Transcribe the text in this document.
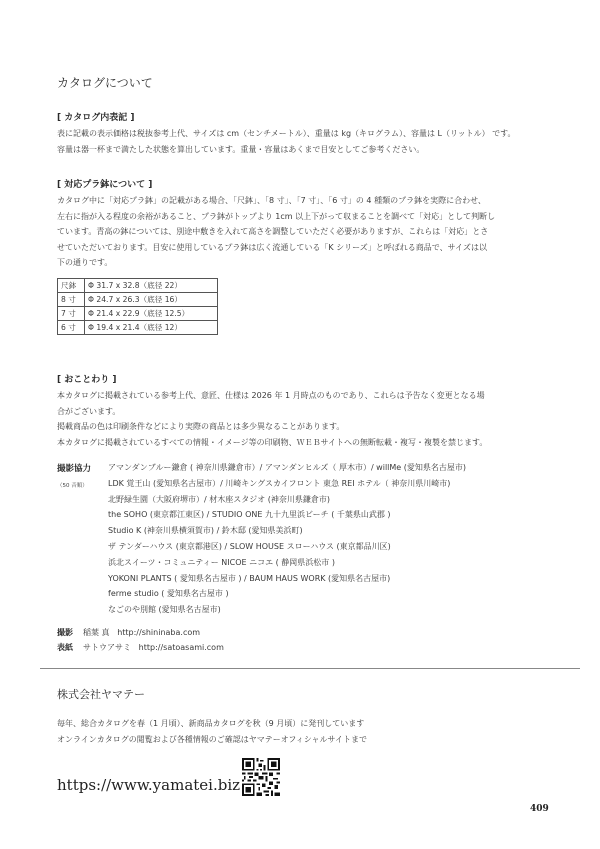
カタログについて
[ カタログ内表記 ]

表に記載の表示価格は税抜参考上代、サイズは cm（センチメートル）、重量は kg（キログラム）、容量は L（リットル） です。

容量は器一杯まで満たした状態を算出しています。重量・容量はあくまで目安としてご参考ください。

[ 対応プラ鉢について ]

カタログ中に「対応プラ鉢」の記載がある場合、「尺鉢」、「8 寸」、「7 寸」、「6 寸」の 4 種類のプラ鉢を実際に合わせ、

左右に指が入る程度の余裕があること、プラ鉢がトップより 1cm 以上下がって収まることを調べて「対応」として判断し

ています。青高の鉢については、別途中敷きを入れて高さを調整していただく必要がありますが、これらは「対応」とさ

せていただいております。目安に使用しているプラ鉢は広く流通している「K シリーズ」と呼ばれる商品で、サイズは以

下の通りです。

尺鉢	Φ 31.7 x 32.8（底径 22）
8 寸	Φ 24.7 x 26.3（底径 16）
7 寸	Φ 21.4 x 22.9（底径 12.5）
6 寸	Φ 19.4 x 21.4（底径 12）
[ おことわり ]

本カタログに掲載されている参考上代、意匠、仕様は 2026 年 1 月時点のものであり、これらは予告なく変更となる場

合がございます。

掲載商品の色は印刷条件などにより実際の商品とは多少異なることがあります。

本カタログに掲載されているすべての情報・イメージ等の印刷物、ＷＥＢサイトへの無断転載・複写・複製を禁じます。

撮影協力
（50 音順）
アマンダンブルー鎌倉 ( 神奈川県鎌倉市）/ アマンダンヒルズ（ 厚木市）/ willMe (愛知県名古屋市)
LDK 覚王山 (愛知県名古屋市）/ 川崎キングスカイフロント 東急 REI ホテル（ 神奈川県川崎市)
北野緑生園（大阪府堺市）/ 材木座スタジオ (神奈川県鎌倉市)
the SOHO (東京都江東区) / STUDIO ONE 九十九里浜ビーチ ( 千葉県山武郡 )
Studio K (神奈川県横須賀市) / 鈴木邸 (愛知県美浜町)
ザ テンダーハウス (東京都港区) / SLOW HOUSE スローハウス (東京都品川区)
浜北スイーツ・コミュニティー NICOE ニコエ ( 静岡県浜松市 )
YOKONI PLANTS ( 愛知県名古屋市 ) / BAUM HAUS WORK (愛知県名古屋市)
ferme studio ( 愛知県名古屋市 )
なごのや別館 (愛知県名古屋市)
撮影 稲葉 真 http://shininaba.com
表紙 サトウアサミ http://satoasami.com
株式会社ヤマテー
毎年、総合カタログを春（1 月頃）、新商品カタログを秋（9 月頃）に発刊しています
オンラインカタログの閲覧および各種情報のご確認はヤマテーオフィシャルサイトまで
https://www.yamatei.biz
409
